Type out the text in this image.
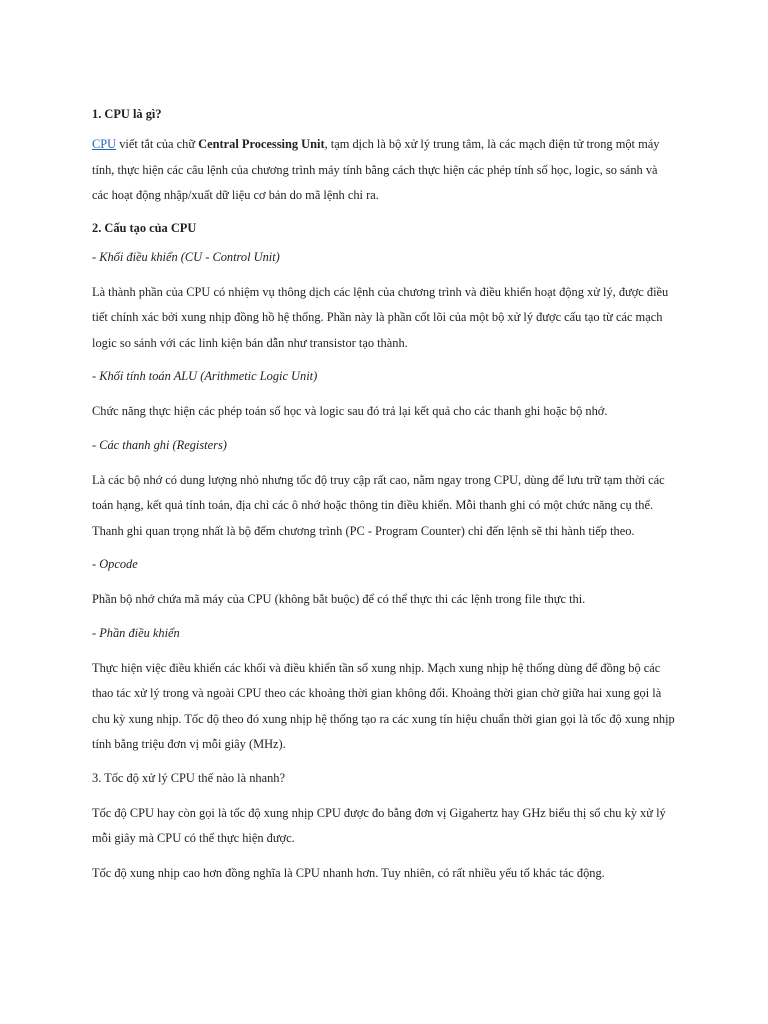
1. CPU là gì?
CPU viết tắt của chữ Central Processing Unit, tạm dịch là bộ xử lý trung tâm, là các mạch điện tử trong một máy tính, thực hiện các câu lệnh của chương trình máy tính bằng cách thực hiện các phép tính số học, logic, so sánh và các hoạt động nhập/xuất dữ liệu cơ bản do mã lệnh chỉ ra.
2. Cấu tạo của CPU
- Khối điều khiển (CU - Control Unit)
Là thành phần của CPU có nhiệm vụ thông dịch các lệnh của chương trình và điều khiển hoạt động xử lý, được điều tiết chính xác bởi xung nhịp đồng hồ hệ thống. Phần này là phần cốt lõi của một bộ xử lý được cấu tạo từ các mạch logic so sánh với các linh kiện bán dẫn như transistor tạo thành.
- Khối tính toán ALU (Arithmetic Logic Unit)
Chức năng thực hiện các phép toán số học và logic sau đó trả lại kết quả cho các thanh ghi hoặc bộ nhớ.
- Các thanh ghi (Registers)
Là các bộ nhớ có dung lượng nhỏ nhưng tốc độ truy cập rất cao, nằm ngay trong CPU, dùng để lưu trữ tạm thời các toán hạng, kết quả tính toán, địa chỉ các ô nhớ hoặc thông tin điều khiển. Mỗi thanh ghi có một chức năng cụ thể. Thanh ghi quan trọng nhất là bộ đếm chương trình (PC - Program Counter) chỉ đến lệnh sẽ thi hành tiếp theo.
- Opcode
Phần bộ nhớ chứa mã máy của CPU (không bắt buộc) để có thể thực thi các lệnh trong file thực thi.
- Phần điều khiển
Thực hiện việc điều khiển các khối và điều khiển tần số xung nhịp. Mạch xung nhịp hệ thống dùng để đồng bộ các thao tác xử lý trong và ngoài CPU theo các khoảng thời gian không đổi. Khoảng thời gian chờ giữa hai xung gọi là chu kỳ xung nhịp. Tốc độ theo đó xung nhịp hệ thống tạo ra các xung tín hiệu chuẩn thời gian gọi là tốc độ xung nhịp tính bằng triệu đơn vị mỗi giây (MHz).
3. Tốc độ xử lý CPU thế nào là nhanh?
Tốc độ CPU hay còn gọi là tốc độ xung nhịp CPU được đo bằng đơn vị Gigahertz hay GHz biểu thị số chu kỳ xử lý mỗi giây mà CPU có thể thực hiện được.
Tốc độ xung nhịp cao hơn đồng nghĩa là CPU nhanh hơn. Tuy nhiên, có rất nhiều yếu tố khác tác động.
